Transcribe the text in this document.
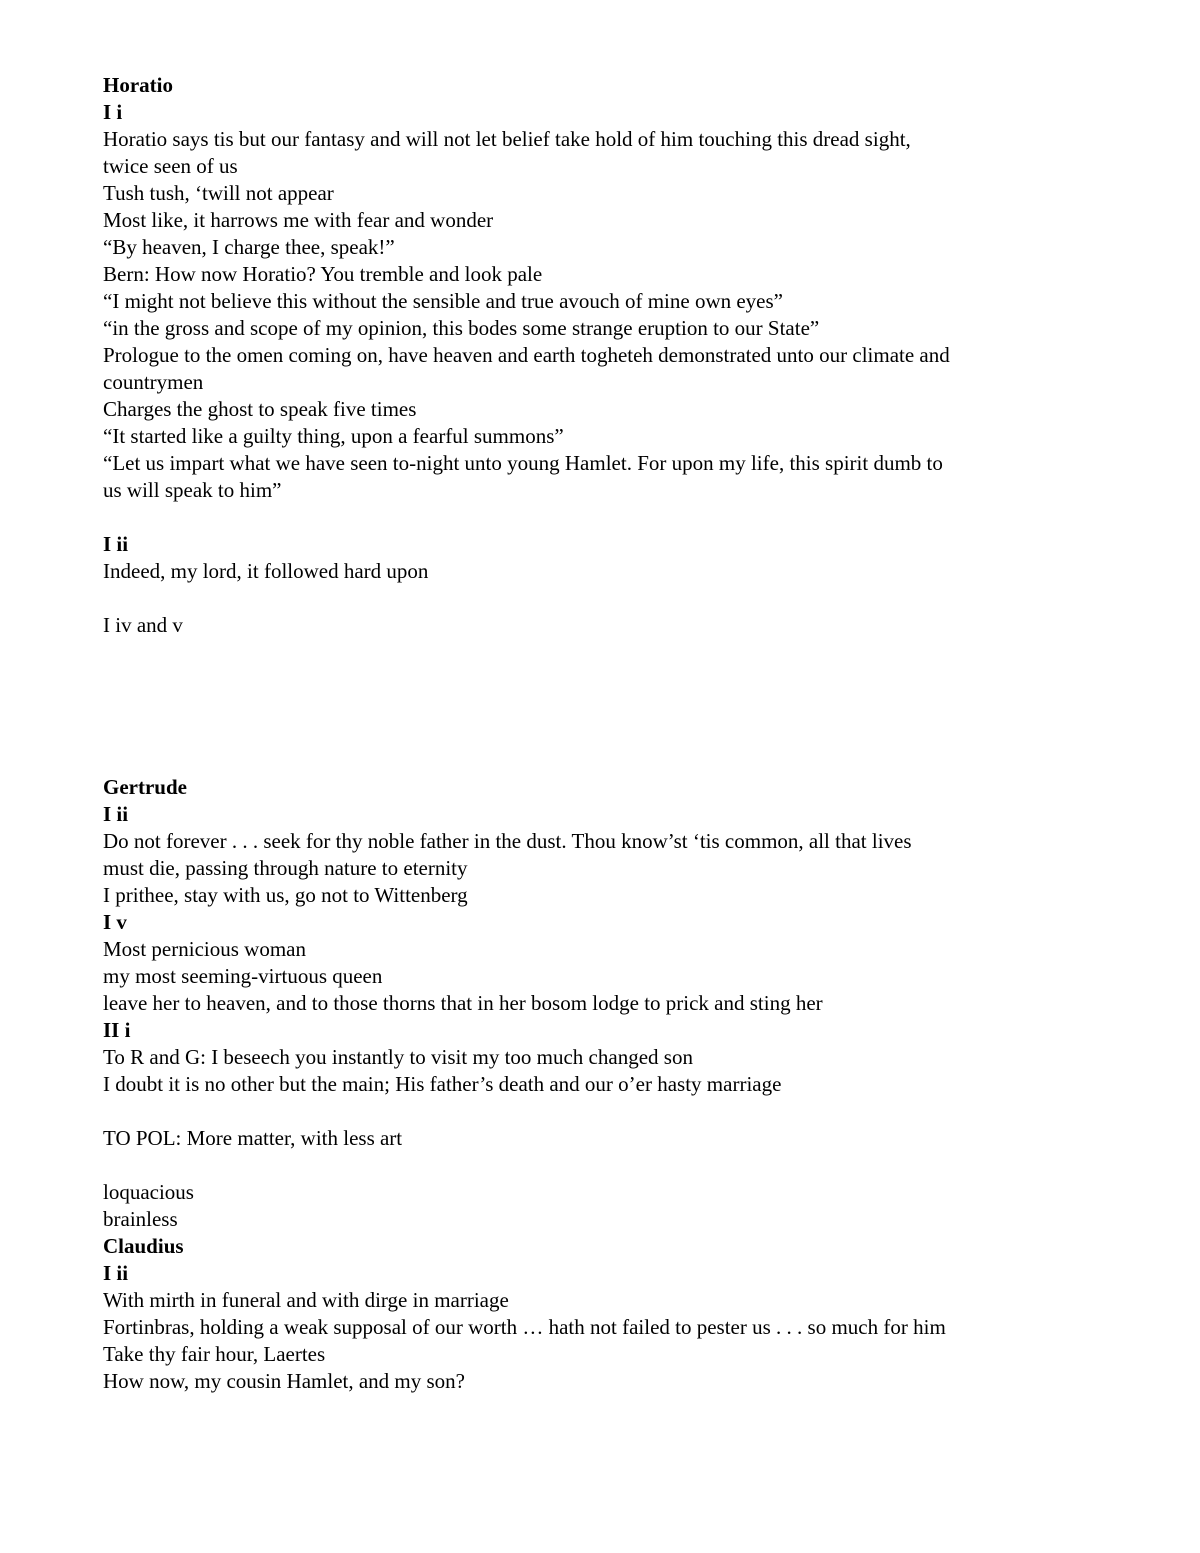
Horatio
I i
Horatio says tis but our fantasy and will not let belief take hold of him touching this dread sight,
twice seen of us
Tush tush, ‘twill not appear
Most like, it harrows me with fear and wonder
“By heaven, I charge thee, speak!”
Bern: How now Horatio? You tremble and look pale
“I might not believe this without the sensible and true avouch of mine own eyes”
“in the gross and scope of my opinion, this bodes some strange eruption to our State”
Prologue to the omen coming on, have heaven and earth togheteh demonstrated unto our climate and
countrymen
Charges the ghost to speak five times
“It started like a guilty thing, upon a fearful summons”
“Let us impart what we have seen to-night unto young Hamlet. For upon my life, this spirit dumb to
us will speak to him”
I ii
Indeed, my lord, it followed hard upon
I iv and v
Gertrude
I ii
Do not forever . . . seek for thy noble father in the dust. Thou know’st ‘tis common, all that lives
must die, passing through nature to eternity
I prithee, stay with us, go not to Wittenberg
I v
Most pernicious woman
my most seeming-virtuous queen
leave her to heaven, and to those thorns that in her bosom lodge to prick and sting her
II i
To R and G: I beseech you instantly to visit my too much changed son
I doubt it is no other but the main; His father’s death and our o’er hasty marriage
TO POL: More matter, with less art
loquacious
brainless
Claudius
I ii
With mirth in funeral and with dirge in marriage
Fortinbras, holding a weak supposal of our worth … hath not failed to pester us . . . so much for him
Take thy fair hour, Laertes
How now, my cousin Hamlet, and my son?
